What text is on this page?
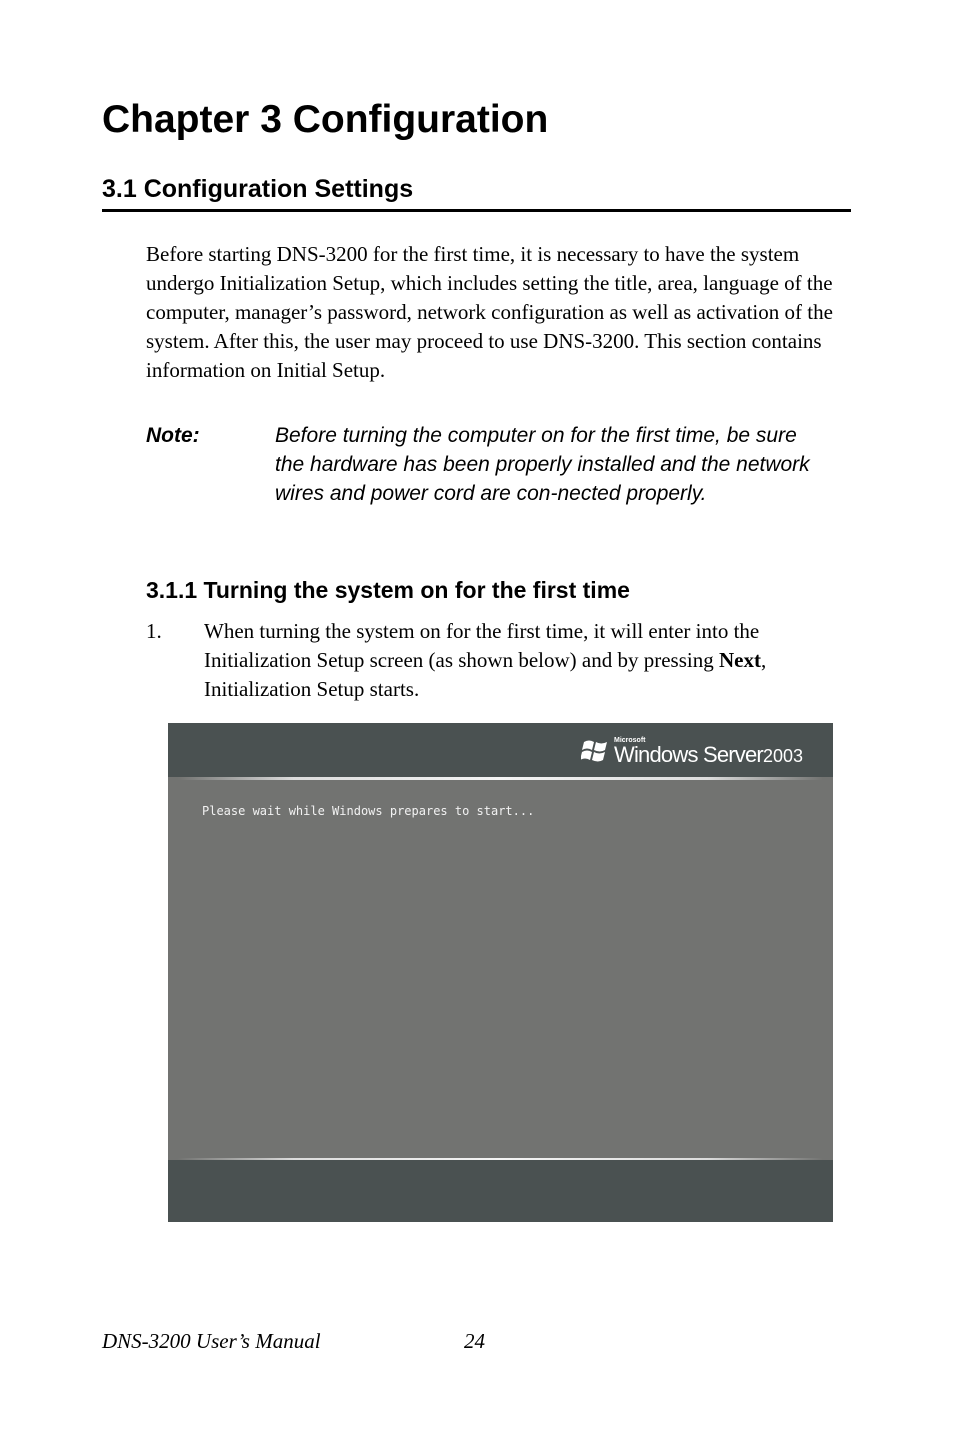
Chapter 3 Configuration
3.1 Configuration Settings

Before starting DNS-3200 for the first time, it is necessary to have the system undergo Initialization Setup, which includes setting the title, area, language of the computer, manager’s password, network configuration as well as activation of the system. After this, the user may proceed to use DNS-3200. This section contains information on Initial Setup.

Note:	Before turning the computer on for the first time, be sure the hardware has been properly installed and the network wires and power cord are con-nected properly.

3.1.1 Turning the system on for the first time

1. When turning the system on for the first time, it will enter into the Initialization Setup screen (as shown below) and by pressing Next, Initialization Setup starts.

Microsoft
Windows Server2003

Please wait while Windows prepares to start...

DNS-3200 User’s Manual	24
